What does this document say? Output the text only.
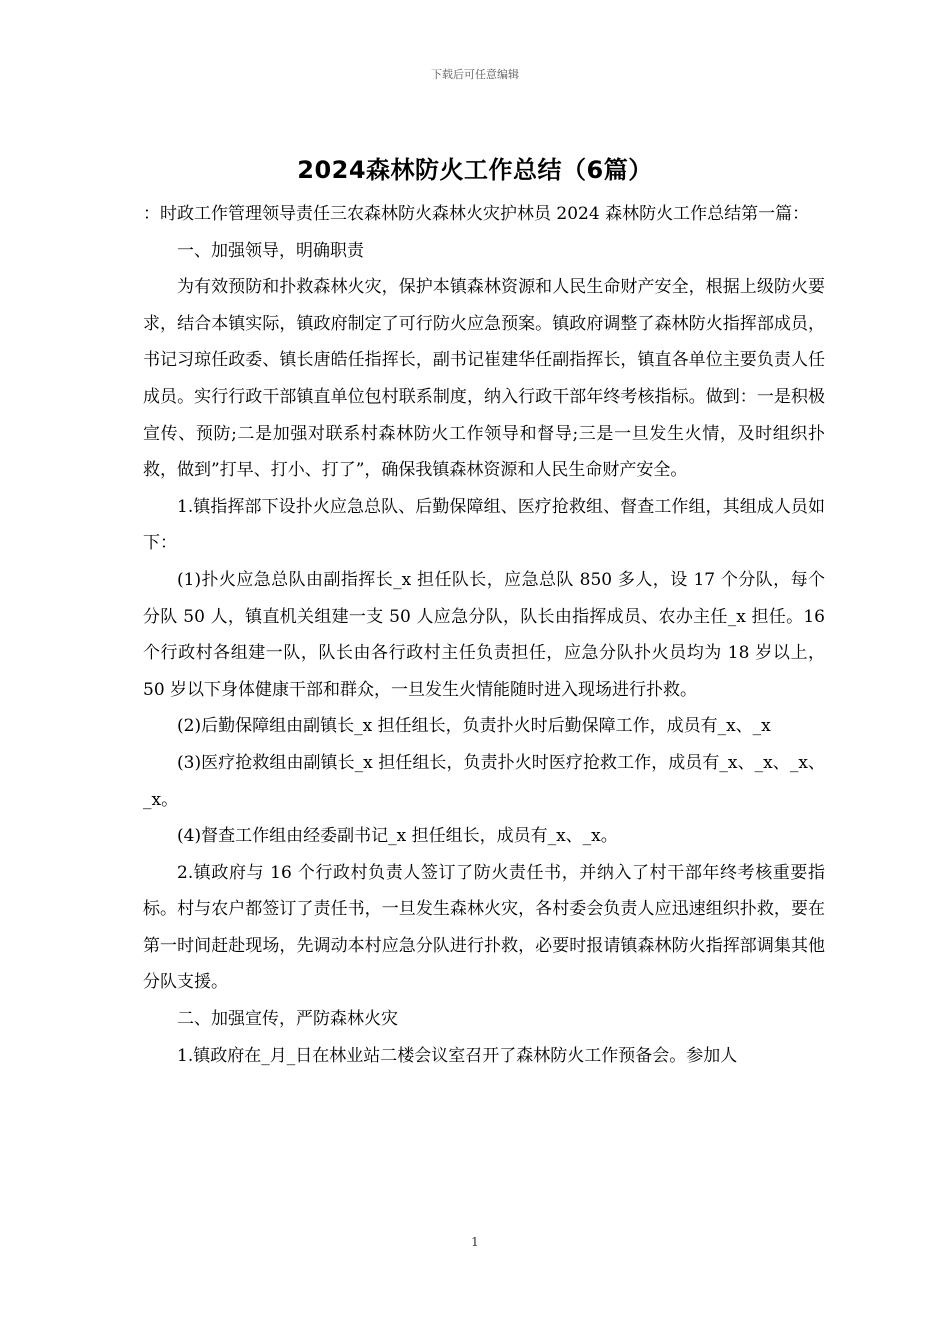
下载后可任意编辑
2024森林防火工作总结（6篇）

：时政工作管理领导责任三农森林防火森林火灾护林员 2024 森林防火工作总结第一篇：

一、加强领导，明确职责

为有效预防和扑救森林火灾，保护本镇森林资源和人民生命财产安全，根据上级防火要求，结合本镇实际，镇政府制定了可行防火应急预案。镇政府调整了森林防火指挥部成员，书记习琼任政委、镇长唐皓任指挥长，副书记崔建华任副指挥长，镇直各单位主要负责人任成员。实行行政干部镇直单位包村联系制度，纳入行政干部年终考核指标。做到：一是积极宣传、预防;二是加强对联系村森林防火工作领导和督导;三是一旦发生火情，及时组织扑救，做到”打早、打小、打了”，确保我镇森林资源和人民生命财产安全。

1.镇指挥部下设扑火应急总队、后勤保障组、医疗抢救组、督查工作组，其组成人员如下：

(1)扑火应急总队由副指挥长_x 担任队长，应急总队 850 多人，设 17 个分队，每个分队 50 人，镇直机关组建一支 50 人应急分队，队长由指挥成员、农办主任_x 担任。16 个行政村各组建一队，队长由各行政村主任负责担任，应急分队扑火员均为 18 岁以上，50 岁以下身体健康干部和群众，一旦发生火情能随时进入现场进行扑救。

(2)后勤保障组由副镇长_x 担任组长，负责扑火时后勤保障工作，成员有_x、_x

(3)医疗抢救组由副镇长_x 担任组长，负责扑火时医疗抢救工作，成员有_x、_x、_x、_x。

(4)督查工作组由经委副书记_x 担任组长，成员有_x、_x。

2.镇政府与 16 个行政村负责人签订了防火责任书，并纳入了村干部年终考核重要指标。村与农户都签订了责任书，一旦发生森林火灾，各村委会负责人应迅速组织扑救，要在第一时间赶赴现场，先调动本村应急分队进行扑救，必要时报请镇森林防火指挥部调集其他分队支援。

二、加强宣传，严防森林火灾

1.镇政府在_月_日在林业站二楼会议室召开了森林防火工作预备会。参加人

1
